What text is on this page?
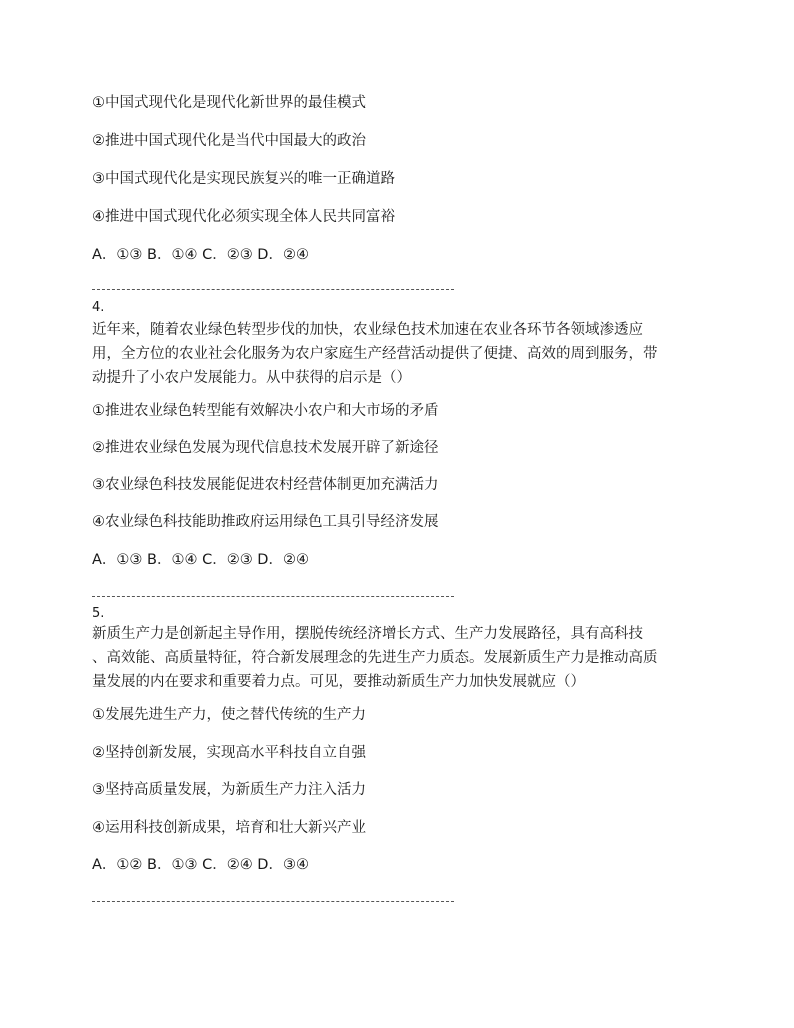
①中国式现代化是现代化新世界的最佳模式
②推进中国式现代化是当代中国最大的政治
③中国式现代化是实现民族复兴的唯一正确道路
④推进中国式现代化必须实现全体人民共同富裕
A．①③ B．①④ C．②③ D．②④
4.
近年来，随着农业绿色转型步伐的加快，农业绿色技术加速在农业各环节各领域渗透应
用，全方位的农业社会化服务为农户家庭生产经营活动提供了便捷、高效的周到服务，带
动提升了小农户发展能力。从中获得的启示是（）
①推进农业绿色转型能有效解决小农户和大市场的矛盾
②推进农业绿色发展为现代信息技术发展开辟了新途径
③农业绿色科技发展能促进农村经营体制更加充满活力
④农业绿色科技能助推政府运用绿色工具引导经济发展
A．①③ B．①④ C．②③ D．②④
5.
新质生产力是创新起主导作用，摆脱传统经济增长方式、生产力发展路径，具有高科技
、高效能、高质量特征，符合新发展理念的先进生产力质态。发展新质生产力是推动高质
量发展的内在要求和重要着力点。可见，要推动新质生产力加快发展就应（）
①发展先进生产力，使之替代传统的生产力
②坚持创新发展，实现高水平科技自立自强
③坚持高质量发展，为新质生产力注入活力
④运用科技创新成果，培育和壮大新兴产业
A．①② B．①③ C．②④ D．③④
